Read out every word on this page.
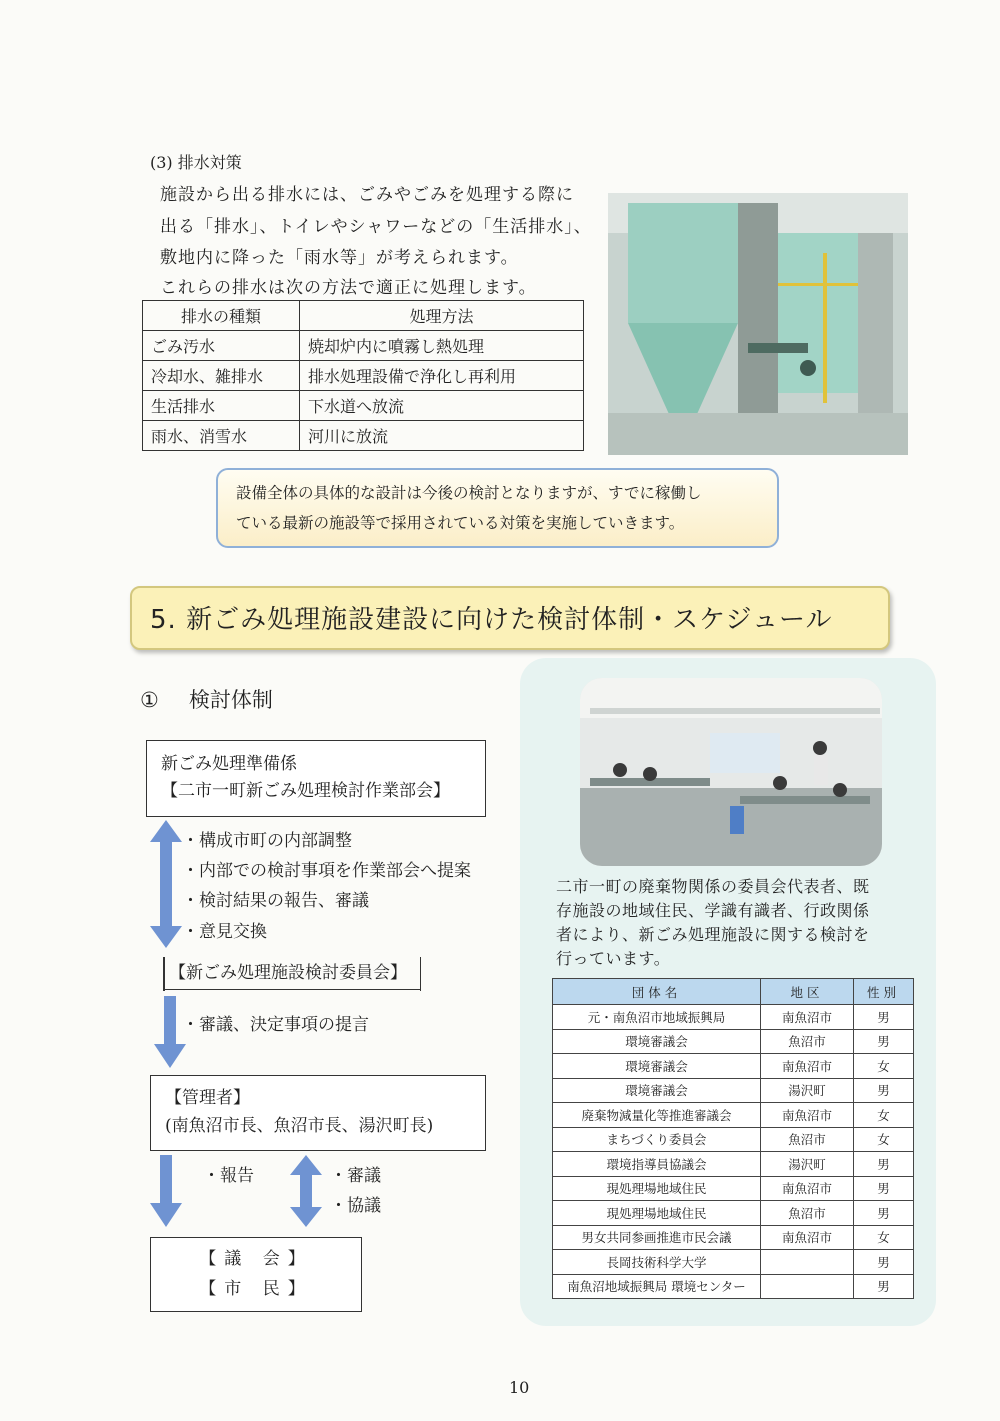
(3) 排水対策
施設から出る排水には、ごみやごみを処理する際に
出る「排水」、トイレやシャワーなどの「生活排水」、
敷地内に降った「雨水等」が考えられます。
これらの排水は次の方法で適正に処理します。
排水の種類	処理方法
ごみ汚水	焼却炉内に噴霧し熱処理
冷却水、雑排水	排水処理設備で浄化し再利用
生活排水	下水道へ放流
雨水、消雪水	河川に放流
設備全体の具体的な設計は今後の検討となりますが、すでに稼働し
ている最新の施設等で採用されている対策を実施していきます。
5. 新ごみ処理施設建設に向けた検討体制・スケジュール
① 検討体制
新ごみ処理準備係
【二市一町新ごみ処理検討作業部会】
・構成市町の内部調整
・内部での検討事項を作業部会へ提案
・検討結果の報告、審議
・意見交換
【新ごみ処理施設検討委員会】
・審議、決定事項の提言
【管理者】
(南魚沼市長、魚沼市長、湯沢町長)
・報告	・審議
・協議
【議 会】
【市 民】
二市一町の廃棄物関係の委員会代表者、既
存施設の地域住民、学識有識者、行政関係
者により、新ごみ処理施設に関する検討を
行っています。
団体名	地区	性別
元・南魚沼市地域振興局	南魚沼市	男
環境審議会	魚沼市	男
環境審議会	南魚沼市	女
環境審議会	湯沢町	男
廃棄物減量化等推進審議会	南魚沼市	女
まちづくり委員会	魚沼市	女
環境指導員協議会	湯沢町	男
現処理場地域住民	南魚沼市	男
現処理場地域住民	魚沼市	男
男女共同参画推進市民会議	南魚沼市	女
長岡技術科学大学		男
南魚沼地域振興局 環境センター		男
10
